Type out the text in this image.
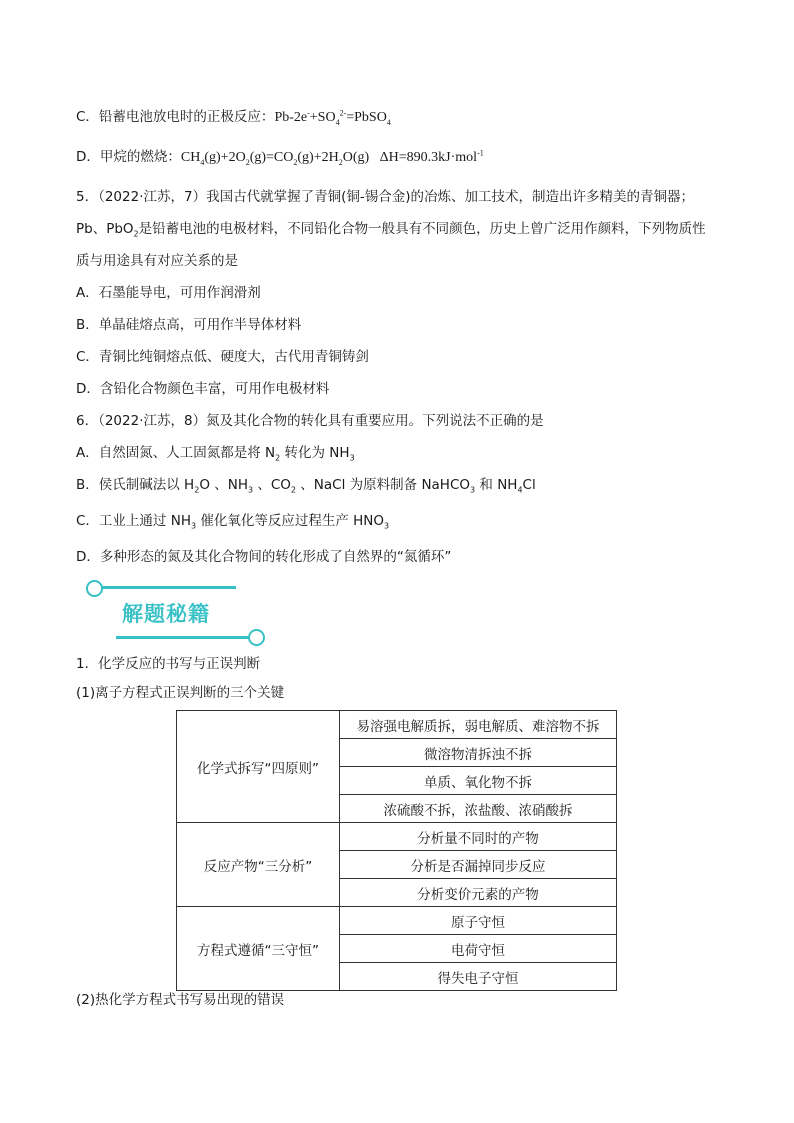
C．铅蓄电池放电时的正极反应：$Pb-2e^-+SO_4^{2-}=PbSO_4$
D．甲烷的燃烧：$CH_4(g)+2O_2(g)=CO_2(g)+2H_2O(g)$   ΔH=890.3kJ·mol$^{-1}$
5．（2022·江苏，7）我国古代就掌握了青铜(铜-锡合金)的冶炼、加工技术，制造出许多精美的青铜器；
Pb、PbO$_2$是铅蓄电池的电极材料，不同铅化合物一般具有不同颜色，历史上曾广泛用作颜料，下列物质性
质与用途具有对应关系的是
A．石墨能导电，可用作润滑剂
B．单晶硅熔点高，可用作半导体材料
C．青铜比纯铜熔点低、硬度大，古代用青铜铸剑
D．含铅化合物颜色丰富，可用作电极材料
6．（2022·江苏，8）氮及其化合物的转化具有重要应用。下列说法不正确的是
A．自然固氮、人工固氮都是将 $N_2$ 转化为 $NH_3$
B．侯氏制碱法以 $H_2O$ 、$NH_3$ 、$CO_2$ 、NaCl 为原料制备 NaHCO$_3$ 和 $NH_4Cl$
C．工业上通过 $NH_3$ 催化氧化等反应过程生产 $HNO_3$
D．多种形态的氮及其化合物间的转化形成了自然界的“氮循环”
解题秘籍
1．化学反应的书写与正误判断
(1)离子方程式正误判断的三个关键
化学式拆写“四原则”	易溶强电解质拆，弱电解质、难溶物不拆
	微溶物清拆浊不拆
	单质、氧化物不拆
	浓硫酸不拆，浓盐酸、浓硝酸拆
反应产物“三分析”	分析量不同时的产物
	分析是否漏掉同步反应
	分析变价元素的产物
方程式遵循“三守恒”	原子守恒
	电荷守恒
	得失电子守恒
(2)热化学方程式书写易出现的错误
